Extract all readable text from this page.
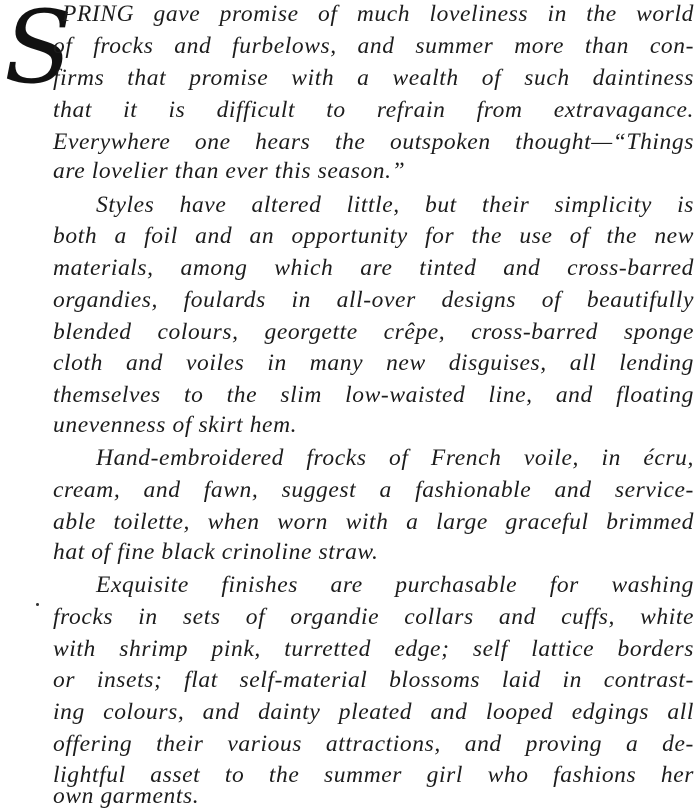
S
PRING gave promise of much loveliness in the world
of frocks and furbelows, and summer more than con-
firms that promise with a wealth of such daintiness
that it is difficult to refrain from extravagance.
Everywhere one hears the outspoken thought—“Things
are lovelier than ever this season.”
Styles have altered little, but their simplicity is
both a foil and an opportunity for the use of the new
materials, among which are tinted and cross-barred
organdies, foulards in all-over designs of beautifully
blended colours, georgette crêpe, cross-barred sponge
cloth and voiles in many new disguises, all lending
themselves to the slim low-waisted line, and floating
unevenness of skirt hem.
Hand-embroidered frocks of French voile, in écru,
cream, and fawn, suggest a fashionable and service-
able toilette, when worn with a large graceful brimmed
hat of fine black crinoline straw.
Exquisite finishes are purchasable for washing
frocks in sets of organdie collars and cuffs, white
with shrimp pink, turretted edge; self lattice borders
or insets; flat self-material blossoms laid in contrast-
ing colours, and dainty pleated and looped edgings all
offering their various attractions, and proving a de-
lightful asset to the summer girl who fashions her
own garments.
